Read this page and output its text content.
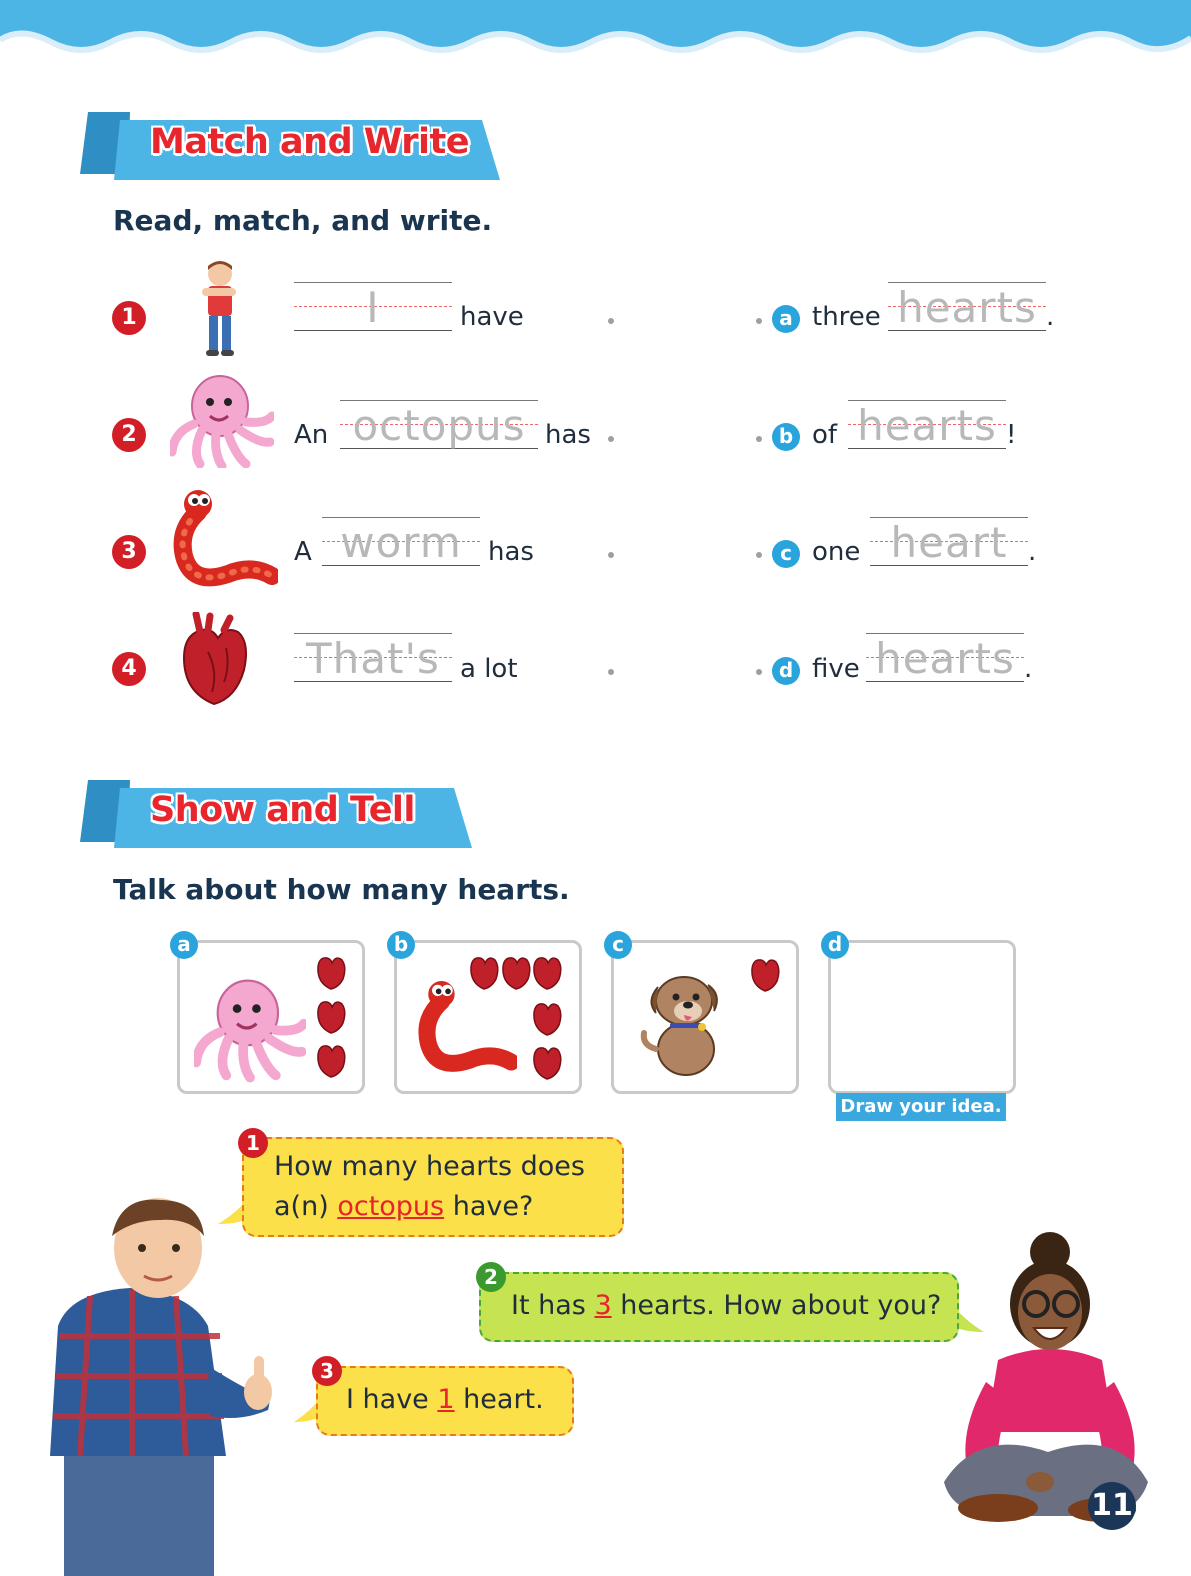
Match and Write
Read, match, and write.
1	I	have
2	An octopus has
3	A worm	has
4	That's a lot
a three hearts .
b of hearts !
c one heart .
d five hearts .
Show and Tell
Talk about how many hearts.
a	b	c	d
Draw your idea.
How many hearts does
a(n) octopus have?
1
It has 3 hearts. How about you?
2
I have 1 heart.
3
11
